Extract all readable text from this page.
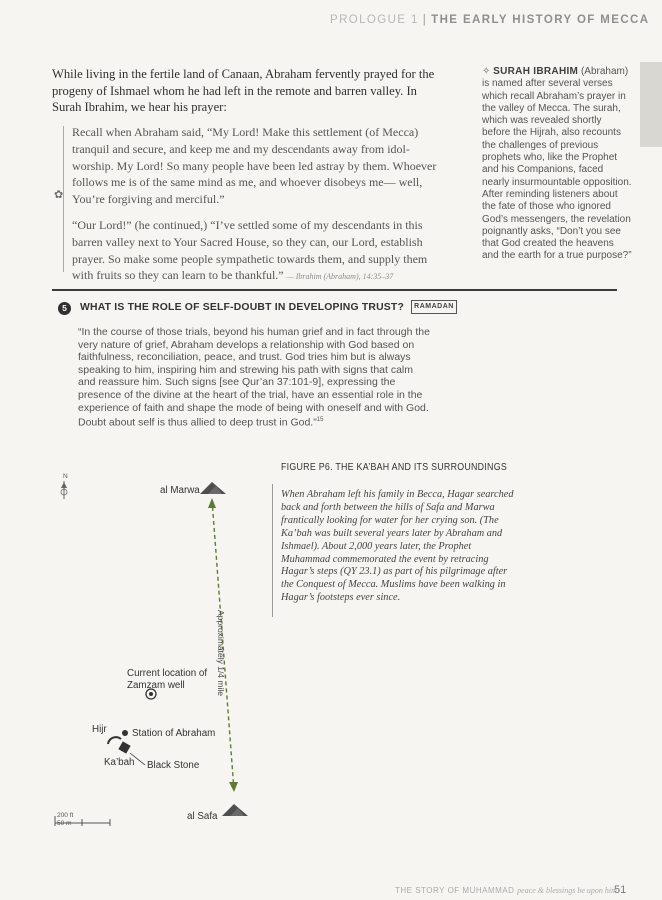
PROLOGUE 1 | THE EARLY HISTORY OF MECCA
While living in the fertile land of Canaan, Abraham fervently prayed for the progeny of Ishmael whom he had left in the remote and barren valley. In Surah Ibrahim, we hear his prayer:
✿

Recall when Abraham said, “My Lord! Make this settlement (of Mecca) tranquil and secure, and keep me and my descendants away from idol-worship. My Lord! So many people have been led astray by them. Whoever follows me is of the same mind as me, and whoever disobeys me— well, You’re forgiving and merciful.”

“Our Lord!” (he continued,) “I’ve settled some of my descendants in this barren valley next to Your Sacred House, so they can, our Lord, establish prayer. So make some people sympathetic towards them, and supply them with fruits so they can learn to be thankful.” — Ibrahim (Abraham), 14:35–37

✧ SURAH IBRAHIM (Abraham) is named after several verses which recall Abraham’s prayer in the valley of Mecca. The surah, which was revealed shortly before the Hijrah, also recounts the challenges of previous prophets who, like the Prophet and his Companions, faced nearly insurmountable opposition. After reminding listeners about the fate of those who ignored God’s messengers, the revelation poignantly asks, “Don’t you see that God created the heavens and the earth for a true purpose?”
5	WHAT IS THE ROLE OF SELF-DOUBT IN DEVELOPING TRUST?	RAMADAN
“In the course of those trials, beyond his human grief and in fact through the very nature of grief, Abraham develops a relationship with God based on faithfulness, reconciliation, peace, and trust. God tries him but is always speaking to him, inspiring him and strewing his path with signs that calm and reassure him. Such signs [see Qur’an 37:101-9], expressing the presence of the divine at the heart of the trial, have an essential role in the experience of faith and shape the mode of being with oneself and with God. Doubt about self is thus allied to deep trust in God.”$^{15}$
FIGURE P6. THE KA’BAH AND ITS SURROUNDINGS
When Abraham left his family in Becca, Hagar searched back and forth between the hills of Safa and Marwa frantically looking for water for her crying son. (The Ka’bah was built several years later by Abraham and Ishmael). About 2,000 years later, the Prophet Muhammad commemorated the event by retracing Hagar’s steps (QY 23.1) as part of his pilgrimage after the Conquest of Mecca. Muslims have been walking in Hagar’s footsteps ever since.
N
al Marwa
Approximately 1/4 mile
Current location of Zamzam well
Station of Abraham
Hijr
Ka’bah Black Stone
al Safa
200 ft
50 m
THE STORY OF MUHAMMAD peace & blessings be upon him
51
